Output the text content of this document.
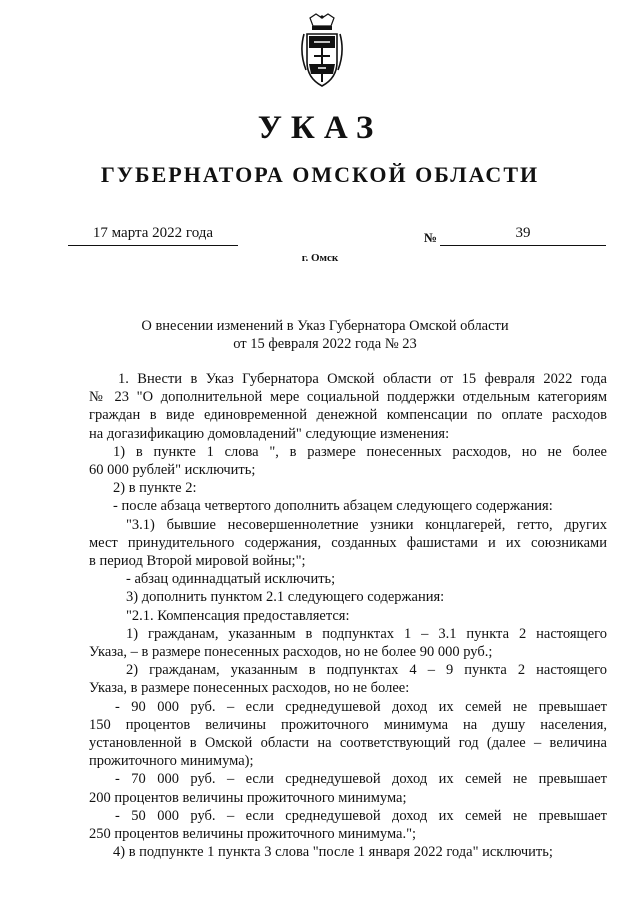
УКАЗ
ГУБЕРНАТОРА ОМСКОЙ ОБЛАСТИ
17 марта 2022 года	№	39
г. Омск
О внесении изменений в Указ Губернатора Омской области
от 15 февраля 2022 года № 23
1. Внести в Указ Губернатора Омской области от 15 февраля 2022 года
№ 23 "О дополнительной мере социальной поддержки отдельным категориям
граждан в виде единовременной денежной компенсации по оплате расходов
на догазификацию домовладений" следующие изменения:
1) в пункте 1 слова ", в размере понесенных расходов, но не более
60 000 рублей" исключить;
2) в пункте 2:
- после абзаца четвертого дополнить абзацем следующего содержания:
"3.1) бывшие несовершеннолетние узники концлагерей, гетто, других
мест принудительного содержания, созданных фашистами и их союзниками
в период Второй мировой войны;";
- абзац одиннадцатый исключить;
3) дополнить пунктом 2.1 следующего содержания:
"2.1. Компенсация предоставляется:
1) гражданам, указанным в подпунктах 1 – 3.1 пункта 2 настоящего
Указа, – в размере понесенных расходов, но не более 90 000 руб.;
2) гражданам, указанным в подпунктах 4 – 9 пункта 2 настоящего
Указа, в размере понесенных расходов, но не более:
- 90 000 руб. – если среднедушевой доход их семей не превышает
150 процентов величины прожиточного минимума на душу населения,
установленной в Омской области на соответствующий год (далее – величина
прожиточного минимума);
- 70 000 руб. – если среднедушевой доход их семей не превышает
200 процентов величины прожиточного минимума;
- 50 000 руб. – если среднедушевой доход их семей не превышает
250 процентов величины прожиточного минимума.";
4) в подпункте 1 пункта 3 слова "после 1 января 2022 года" исключить;
